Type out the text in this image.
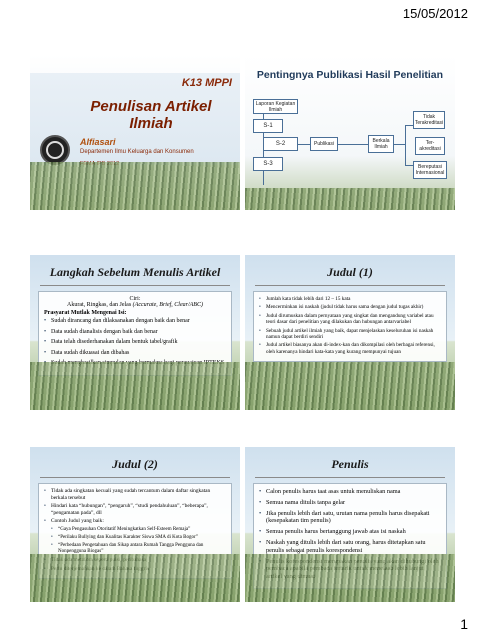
15/05/2012
K13 MPPI
Penulisan Artikel
Ilmiah
Alfiasari
Departemen Ilmu Keluarga dan Konsumen
Pentingnya Publikasi Hasil Penelitian
Laporan Kegiatan Ilmiah
S-1
S-2
S-3
Publikasi	Berkala Ilmiah
Tidak Terakreditasi
Ter-akreditasi
Bereputasi Internasional
Langkah Sebelum Menulis Artikel
Ciri:
Akurat, Ringkas, dan Jelas (Accurate, Brief, Clear/ABC)
Prasyarat Mutlak Mengenai Isi:
• Sudah dirancang dan dilaksanakan dengan baik dan benar
• Data sudah dianalisis dengan baik dan benar
• Data telah disederhanakan dalam bentuk tabel/grafik
• Data sudah dikuasai dan dibahas
•
Judul (1)
• Jumlah kata tidak lebih dari 12 – 15 kata
• Mencerminkan isi naskah (judul tidak harus sama dengan judul tugas akhir)
• Judul dirumuskan dalam pernyataan yang singkat dan mengandung variabel atau teori dasar dari penelitian yang dilakukan dan hubungan antarvariabel
• Sebuah judul artikel ilmiah yang baik, dapat menjelaskan keseluruhan isi naskah namun dapat berdiri sendiri
• Judul artikel biasanya akan di-index-kan dan dikompilasi oleh berbagai referensi, oleh karenanya hindari kata-kata yang kurang mempunyai tujuan
Judul (2)
• Tidak ada singkatan kecuali yang sudah tercantum dalam daftar singkatan berkala tersebut
• Hindari kata “hubungan”, “pengaruh”, “studi pendahuluan”, “beberapa”, “pengamatan pada”, dll
• Contoh Judul yang baik:
• “Gaya Pengasuhan Otoritatif Meningkatkan Self-Esteem Remaja”
• “Perilaku Bullying dan Kualitas Karakter Siswa SMA di Kota Bogor”
• “Perbedaan Pengetahuan dan Sikap antara Rumah Tangga Pengguna dan Nonpengguna Biogas”
•
•
Penulis
• Calon penulis harus taat asas untuk menuliskan nama
• Semua nama ditulis tanpa gelar
• Jika penulis lebih dari satu, urutan nama penulis harus disepakati (kesepakatan tim penulis)
• Semua penulis harus bertanggung jawab atas isi naskah
• Naskah yang ditulis lebih dari satu orang, harus ditetapkan satu penulis sebagai penulis korespondensi
•
1
